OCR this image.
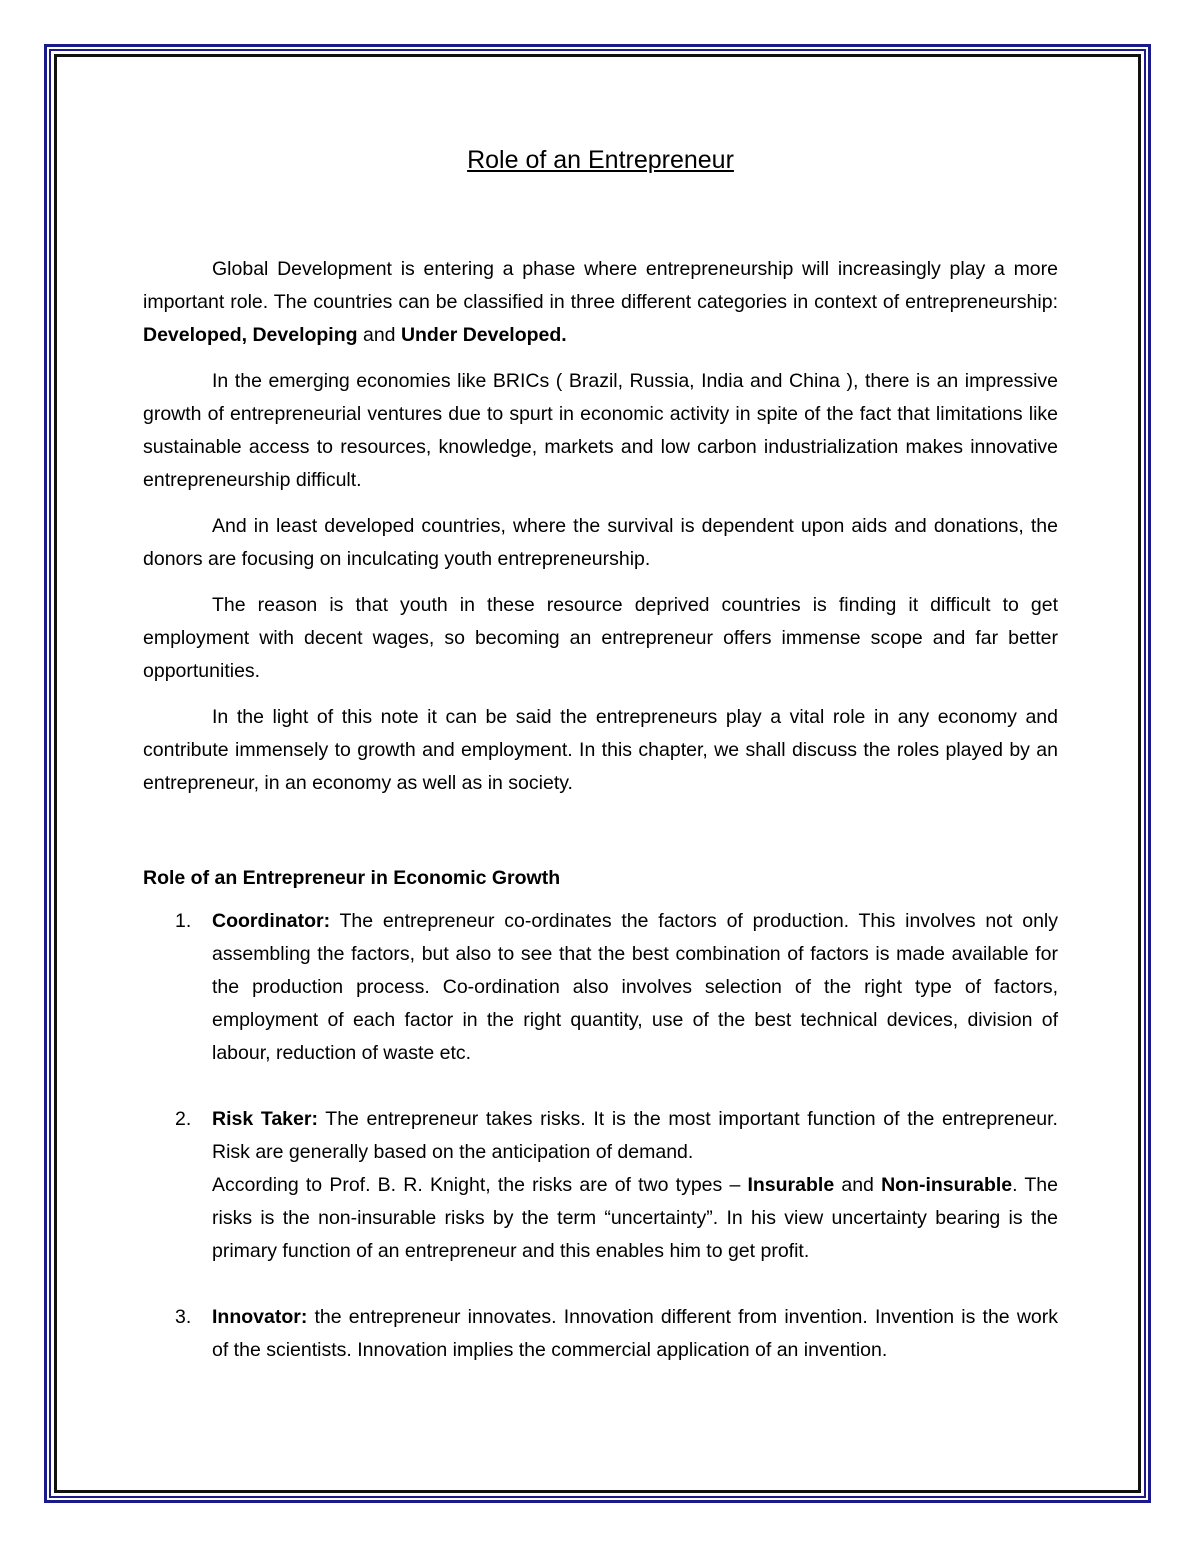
Role of an Entrepreneur

Global Development is entering a phase where entrepreneurship will increasingly play a more important role. The countries can be classified in three different categories in context of entrepreneurship: Developed, Developing and Under Developed.

In the emerging economies like BRICs ( Brazil, Russia, India and China ), there is an impressive growth of entrepreneurial ventures due to spurt in economic activity in spite of the fact that limitations like sustainable access to resources, knowledge, markets and low carbon industrialization makes innovative entrepreneurship difficult.

And in least developed countries, where the survival is dependent upon aids and donations, the donors are focusing on inculcating youth entrepreneurship.

The reason is that youth in these resource deprived countries is finding it difficult to get employment with decent wages, so becoming an entrepreneur offers immense scope and far better opportunities.

In the light of this note it can be said the entrepreneurs play a vital role in any economy and contribute immensely to growth and employment. In this chapter, we shall discuss the roles played by an entrepreneur, in an economy as well as in society.

Role of an Entrepreneur in Economic Growth
1. Coordinator: The entrepreneur co-ordinates the factors of production. This involves not only assembling the factors, but also to see that the best combination of factors is made available for the production process. Co-ordination also involves selection of the right type of factors, employment of each factor in the right quantity, use of the best technical devices, division of labour, reduction of waste etc.
2. Risk Taker: The entrepreneur takes risks. It is the most important function of the entrepreneur. Risk are generally based on the anticipation of demand.
According to Prof. B. R. Knight, the risks are of two types – Insurable and Non-insurable. The risks is the non-insurable risks by the term “uncertainty”. In his view uncertainty bearing is the primary function of an entrepreneur and this enables him to get profit.
3. Innovator: the entrepreneur innovates. Innovation different from invention. Invention is the work of the scientists. Innovation implies the commercial application of an invention.
